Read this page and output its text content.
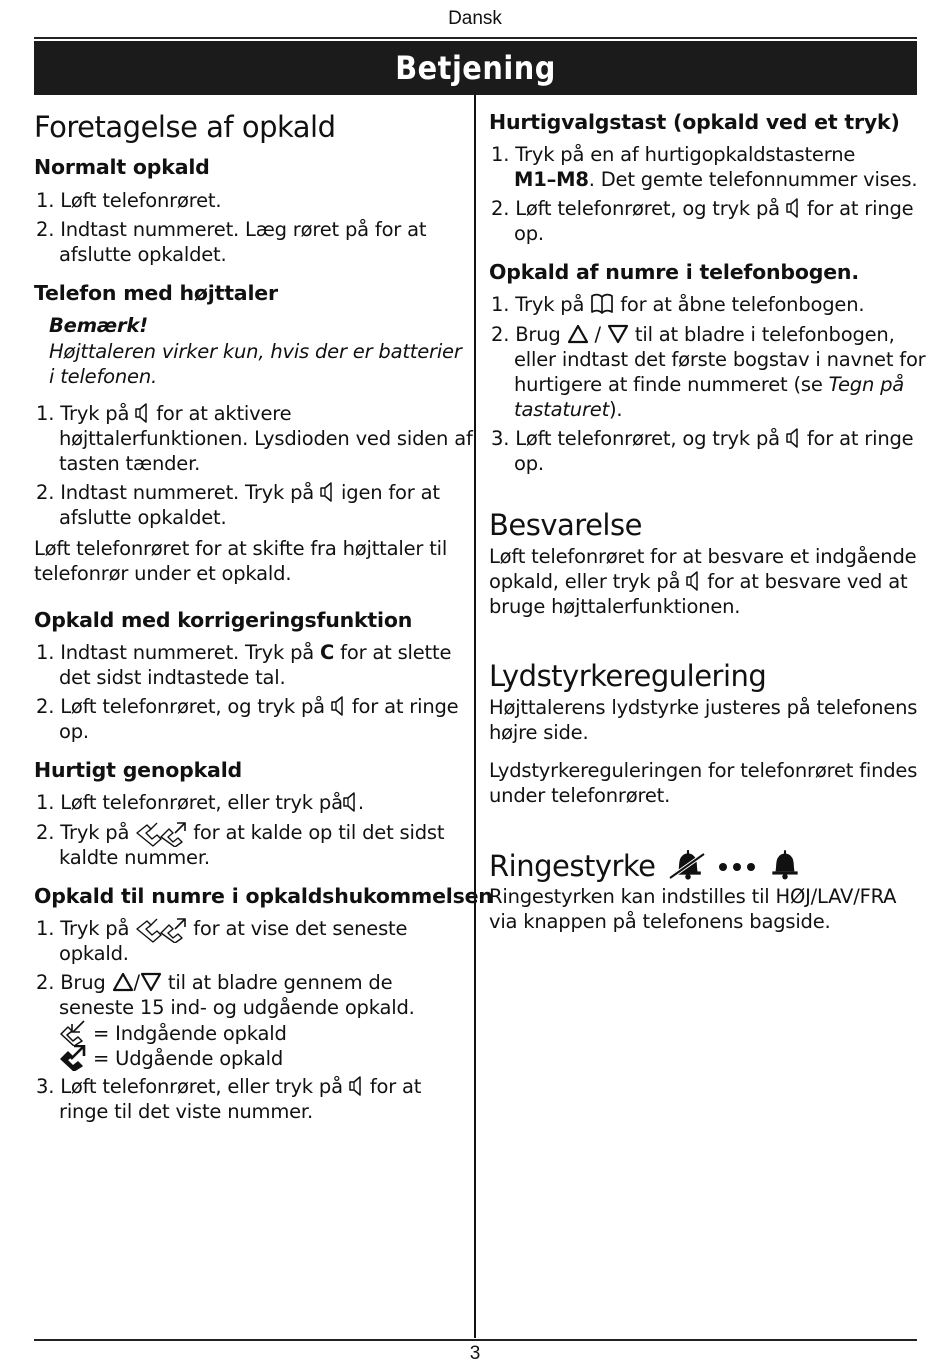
Dansk
Betjening
Foretagelse af opkald
Normalt opkald
1. Løft telefonrøret.
2. Indtast nummeret. Læg røret på for at
afslutte opkaldet.
Telefon med højttaler
Bemærk!
Højttaleren virker kun, hvis der er batterier
i telefonen.
1. Tryk på for at aktivere
højttalerfunktionen. Lysdioden ved siden af
tasten tænder.
2. Indtast nummeret. Tryk på igen for at
afslutte opkaldet.
Løft telefonrøret for at skifte fra højttaler til
telefonrør under et opkald.
Opkald med korrigeringsfunktion
1. Indtast nummeret. Tryk på C for at slette
det sidst indtastede tal.
2. Løft telefonrøret, og tryk på for at ringe
op.
Hurtigt genopkald
1. Løft telefonrøret, eller tryk på .
2. Tryk på	for at kalde op til det sidst
kaldte nummer.
Opkald til numre i opkaldshukommelsen
1. Tryk på	for at vise det seneste
opkald.
2. Brug / til at bladre gennem de
seneste 15 ind- og udgående opkald.
= Indgående opkald
= Udgående opkald
3. Løft telefonrøret, eller tryk på for at
ringe til det viste nummer.
Hurtigvalgstast (opkald ved et tryk)
1. Tryk på en af hurtigopkaldstasterne
M1–M8. Det gemte telefonnummer vises.
2. Løft telefonrøret, og tryk på for at ringe
op.
Opkald af numre i telefonbogen.
1. Tryk på for at åbne telefonbogen.
2. Brug / til at bladre i telefonbogen,
eller indtast det første bogstav i navnet for
hurtigere at finde nummeret (se Tegn på
tastaturet).
3. Løft telefonrøret, og tryk på for at ringe
op.
Besvarelse
Løft telefonrøret for at besvare et indgående
opkald, eller tryk på for at besvare ved at
bruge højttalerfunktionen.
Lydstyrkeregulering
Højttalerens lydstyrke justeres på telefonens
højre side.
Lydstyrkereguleringen for telefonrøret findes
under telefonrøret.
Ringestyrke
Ringestyrken kan indstilles til HØJ/LAV/FRA
via knappen på telefonens bagside.
3
